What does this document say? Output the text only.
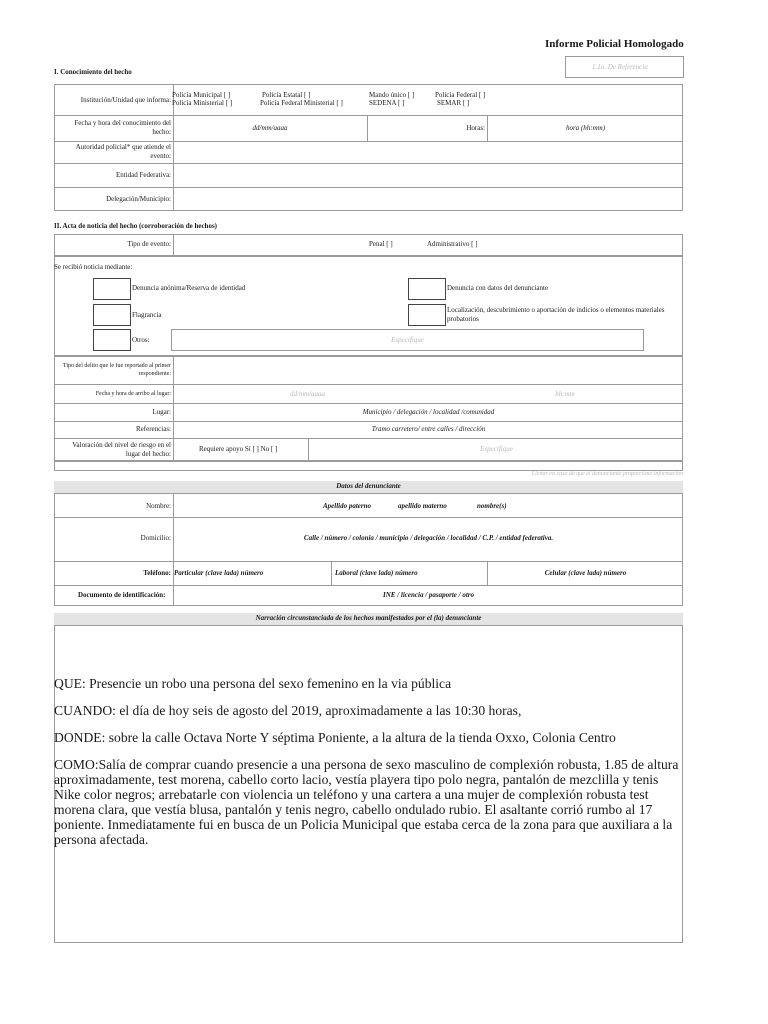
Informe Policial Homologado
1.1o. De Referencia
I. Conocimiento del hecho
Institución/Unidad que informa:
Policía Municipal [ ]	Policía Estatal [ ]	Mando único [ ]	Policía Federal [ ]
Policía Ministerial [ ]	Policía Federal Ministerial [ ]	SEDENA [ ]	SEMAR [ ]
Fecha y hora del conocimiento del hecho:	dd/mm/aaaa	Horas:	hora (hh:mm)
Autoridad policial* que atiende el evento:
Entidad Federativa:
Delegación/Municipio:
II. Acta de noticia del hecho (corroboración de hechos)
Tipo de evento:	Penal [ ]	Administrativo [ ]
Se recibió noticia mediante:
Denuncia anónima/Reserva de identidad	Denuncia con datos del denunciante
Flagrancia
Localización, descubrimiento o aportación de indicios o elementos materiales probatorios
Otros:	Especifique
Tipo del delito que le fue reportado al primer respondiente:
Fecha y hora de arribo al lugar:	dd/mm/aaaa	hh:mm
Lugar:	Municipio / delegación / localidad /comunidad
Referencias:	Tramo carretero/ entre calles / dirección
Valoración del nivel de riesgo en el lugar del hecho:
Requiere apoyo Sí [ ] No [ ]	Especifique
Llenar en caso de que el denunciante proporcione información
Datos del denunciante
Nombre:	Apellido paterno	apellido materno	nombre(s)
Domicilio:	Calle / número / colonia / municipio / delegación / localidad / C.P. / entidad federativa.
Teléfono: Particular (clave lada) número	Laboral (clave lada) número	Celular (clave lada) número
Documento de identificación:	INE / licencia / pasaporte / otro
Narración circunstanciada de los hechos manifestados por el (la) denunciante

QUE: Presencie un robo una persona del sexo femenino en la via pública

CUANDO: el día de hoy seis de agosto del 2019, aproximadamente a las 10:30 horas,

DONDE: sobre la calle Octava Norte Y séptima Poniente, a la altura de la tienda Oxxo, Colonia Centro

COMO:Salía de comprar cuando presencie a una persona de sexo masculino de complexión robusta, 1.85 de altura aproximadamente, test morena, cabello corto lacio, vestía playera tipo polo negra, pantalón de mezclilla y tenis Nike color negros; arrebatarle con violencia un teléfono y una cartera a una mujer de complexión robusta test morena clara, que vestía blusa, pantalón y tenis negro, cabello ondulado rubio. El asaltante corrió rumbo al 17 poniente. Inmediatamente fui en busca de un Policia Municipal que estaba cerca de la zona para que auxiliara a la persona afectada.
